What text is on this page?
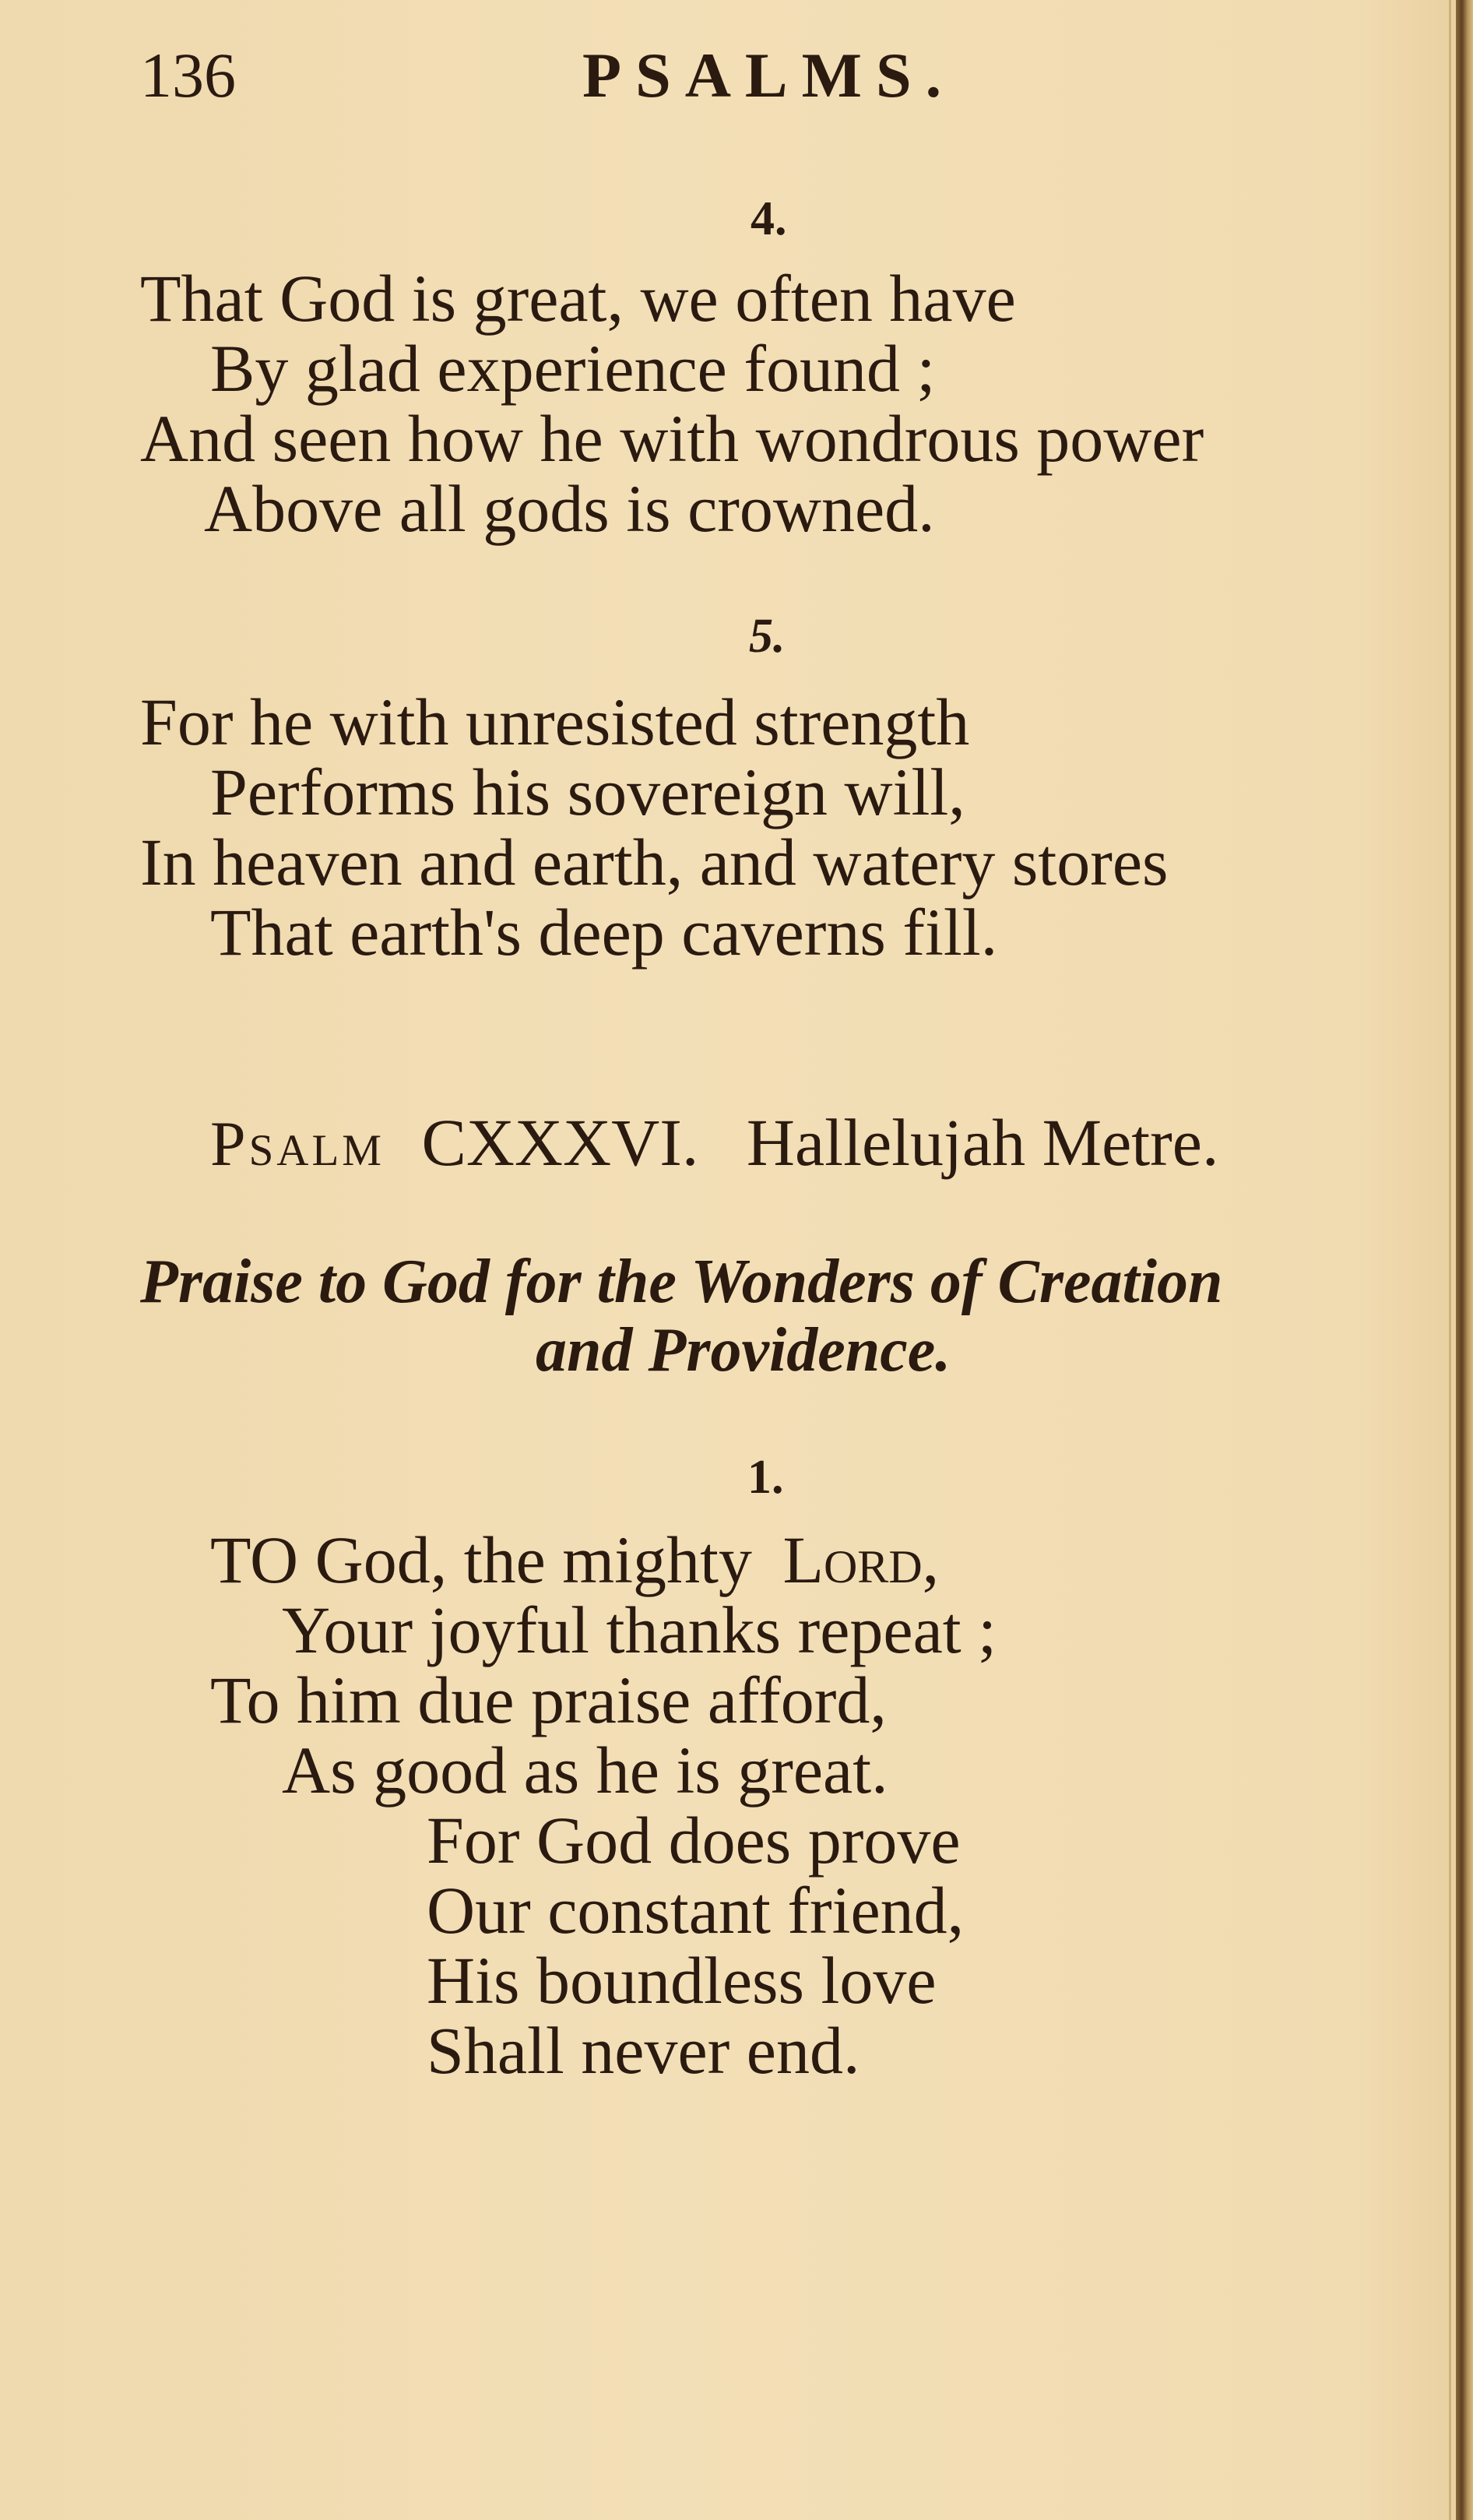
136	PSALMS.
4.
That God is great, we often have
By glad experience found ;
And seen how he with wondrous power
Above all gods is crowned.
5.
For he with unresisted strength
Performs his sovereign will,
In heaven and earth, and watery stores
That earth's deep caverns fill.
Psalm CXXXVI. Hallelujah Metre.
Praise to God for the Wonders of Creation
and Providence.
1.
TO God, the mighty Lord,
Your joyful thanks repeat ;
To him due praise afford,
As good as he is great.
For God does prove
Our constant friend,
His boundless love
Shall never end.
